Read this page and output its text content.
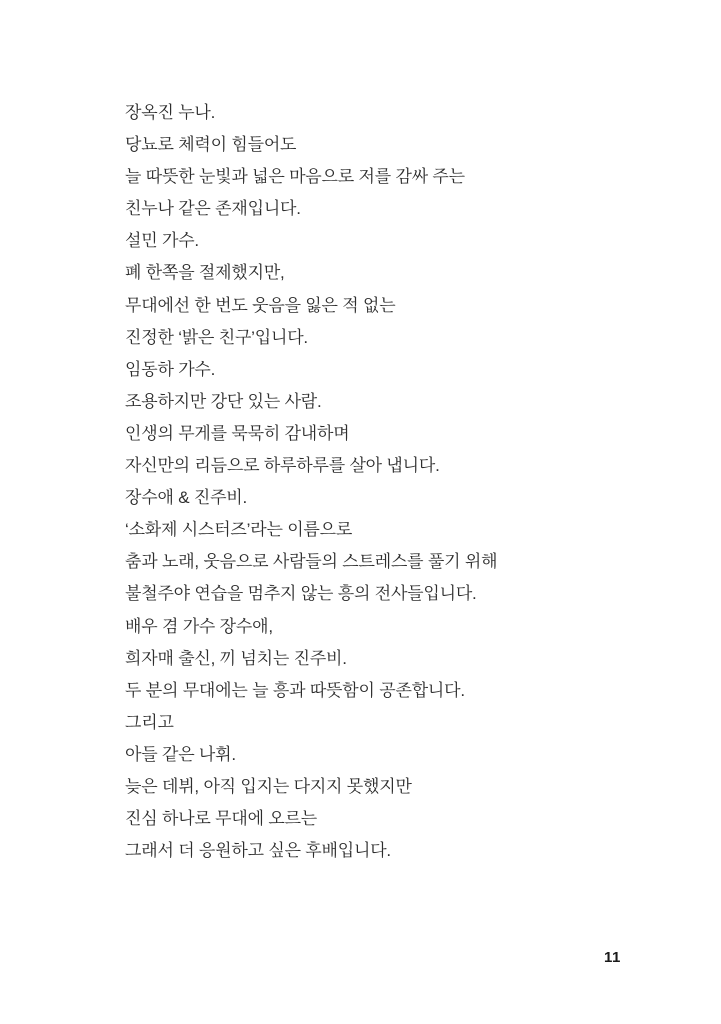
장옥진 누나.

당뇨로 체력이 힘들어도

늘 따뜻한 눈빛과 넓은 마음으로 저를 감싸 주는

친누나 같은 존재입니다.

설민 가수.

폐 한쪽을 절제했지만,

무대에선 한 번도 웃음을 잃은 적 없는

진정한 ‘밝은 친구’입니다.

임동하 가수.

조용하지만 강단 있는 사람.

인생의 무게를 묵묵히 감내하며

자신만의 리듬으로 하루하루를 살아 냅니다.

장수애 & 진주비.

‘소화제 시스터즈’라는 이름으로

춤과 노래, 웃음으로 사람들의 스트레스를 풀기 위해

불철주야 연습을 멈추지 않는 흥의 전사들입니다.

배우 겸 가수 장수애,

희자매 출신, 끼 넘치는 진주비.

두 분의 무대에는 늘 흥과 따뜻함이 공존합니다.

그리고

아들 같은 나휘.

늦은 데뷔, 아직 입지는 다지지 못했지만

진심 하나로 무대에 오르는

그래서 더 응원하고 싶은 후배입니다.

11
